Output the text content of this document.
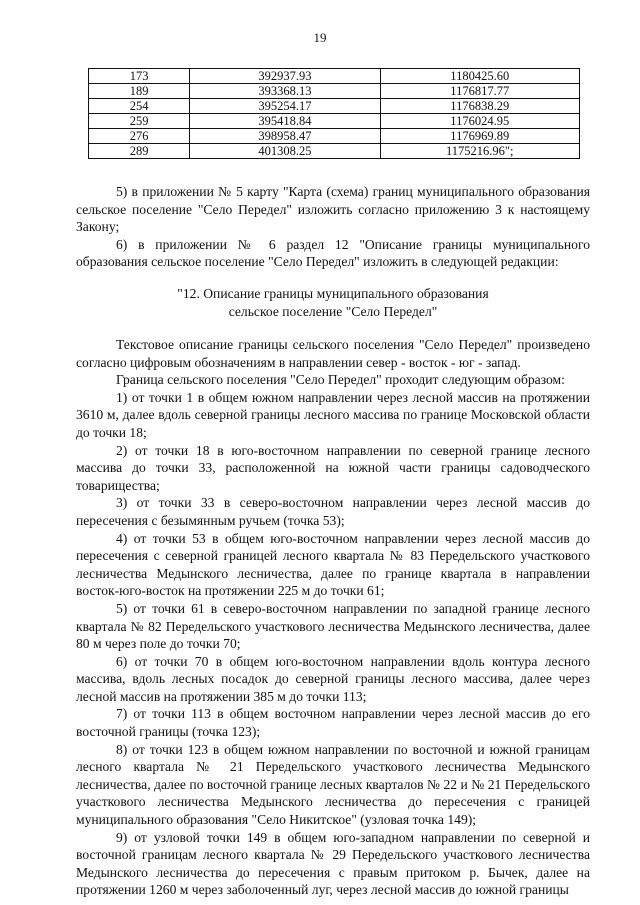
19
173	392937.93	1180425.60
189	393368.13	1176817.77
254	395254.17	1176838.29
259	395418.84	1176024.95
276	398958.47	1176969.89
289	401308.25	1175216.96";

5) в приложении № 5 карту "Карта (схема) границ муниципального образования сельское поселение "Село Передел" изложить согласно приложению 3 к настоящему Закону;

6) в приложении № 6 раздел 12 "Описание границы муниципального образования сельское поселение "Село Передел" изложить в следующей редакции:

"12. Описание границы муниципального образования
сельское поселение "Село Передел"

Текстовое описание границы сельского поселения "Село Передел" произведено согласно цифровым обозначениям в направлении север - восток - юг - запад.

Граница сельского поселения "Село Передел" проходит следующим образом:

1) от точки 1 в общем южном направлении через лесной массив на протяжении 3610 м, далее вдоль северной границы лесного массива по границе Московской области до точки 18;

2) от точки 18 в юго-восточном направлении по северной границе лесного массива до точки 33, расположенной на южной части границы садоводческого товарищества;

3) от точки 33 в северо-восточном направлении через лесной массив до пересечения с безымянным ручьем (точка 53);

4) от точки 53 в общем юго-восточном направлении через лесной массив до пересечения с северной границей лесного квартала № 83 Передельского участкового лесничества Медынского лесничества, далее по границе квартала в направлении восток-юго-восток на протяжении 225 м до точки 61;

5) от точки 61 в северо-восточном направлении по западной границе лесного квартала № 82 Передельского участкового лесничества Медынского лесничества, далее 80 м через поле до точки 70;

6) от точки 70 в общем юго-восточном направлении вдоль контура лесного массива, вдоль лесных посадок до северной границы лесного массива, далее через лесной массив на протяжении 385 м до точки 113;

7) от точки 113 в общем восточном направлении через лесной массив до его восточной границы (точка 123);

8) от точки 123 в общем южном направлении по восточной и южной границам лесного квартала № 21 Передельского участкового лесничества Медынского лесничества, далее по восточной границе лесных кварталов № 22 и № 21 Передельского участкового лесничества Медынского лесничества до пересечения с границей муниципального образования "Село Никитское" (узловая точка 149);

9) от узловой точки 149 в общем юго-западном направлении по северной и восточной границам лесного квартала № 29 Передельского участкового лесничества Медынского лесничества до пересечения с правым притоком р. Бычек, далее на протяжении 1260 м через заболоченный луг, через лесной массив до южной границы
